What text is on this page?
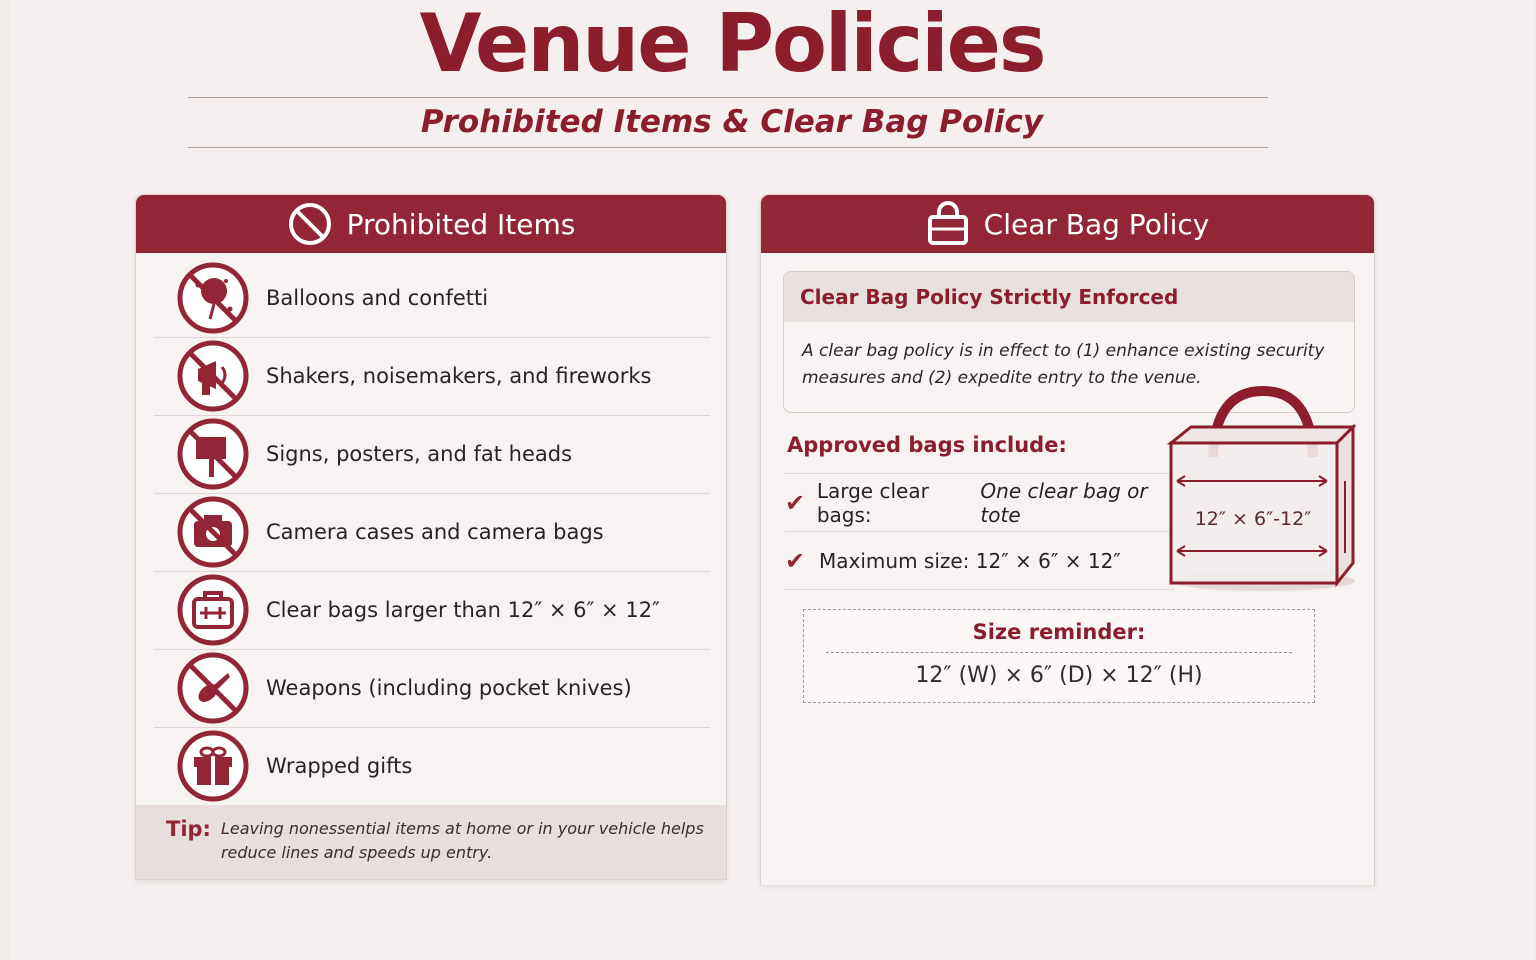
Venue Policies
Prohibited Items & Clear Bag Policy
Prohibited Items
Balloons and confetti
Shakers, noisemakers, and fireworks
Signs, posters, and fat heads
Camera cases and camera bags
Clear bags larger than 12″ × 6″ × 12″
Weapons (including pocket knives)
Wrapped gifts
Tip: Leaving nonessential items at home or in your vehicle helps reduce lines and speeds up entry.
Clear Bag Policy
Clear Bag Policy Strictly Enforced
A clear bag policy is in effect to (1) enhance existing security measures and (2) expedite entry to the venue.
Approved bags include:
✔ Large clear bags:
One clear bag or tote
✔ Maximum size: 12″ × 6″ × 12″
12″ × 6″-12″
Size reminder:
12″ (W) × 6″ (D) × 12″ (H)
